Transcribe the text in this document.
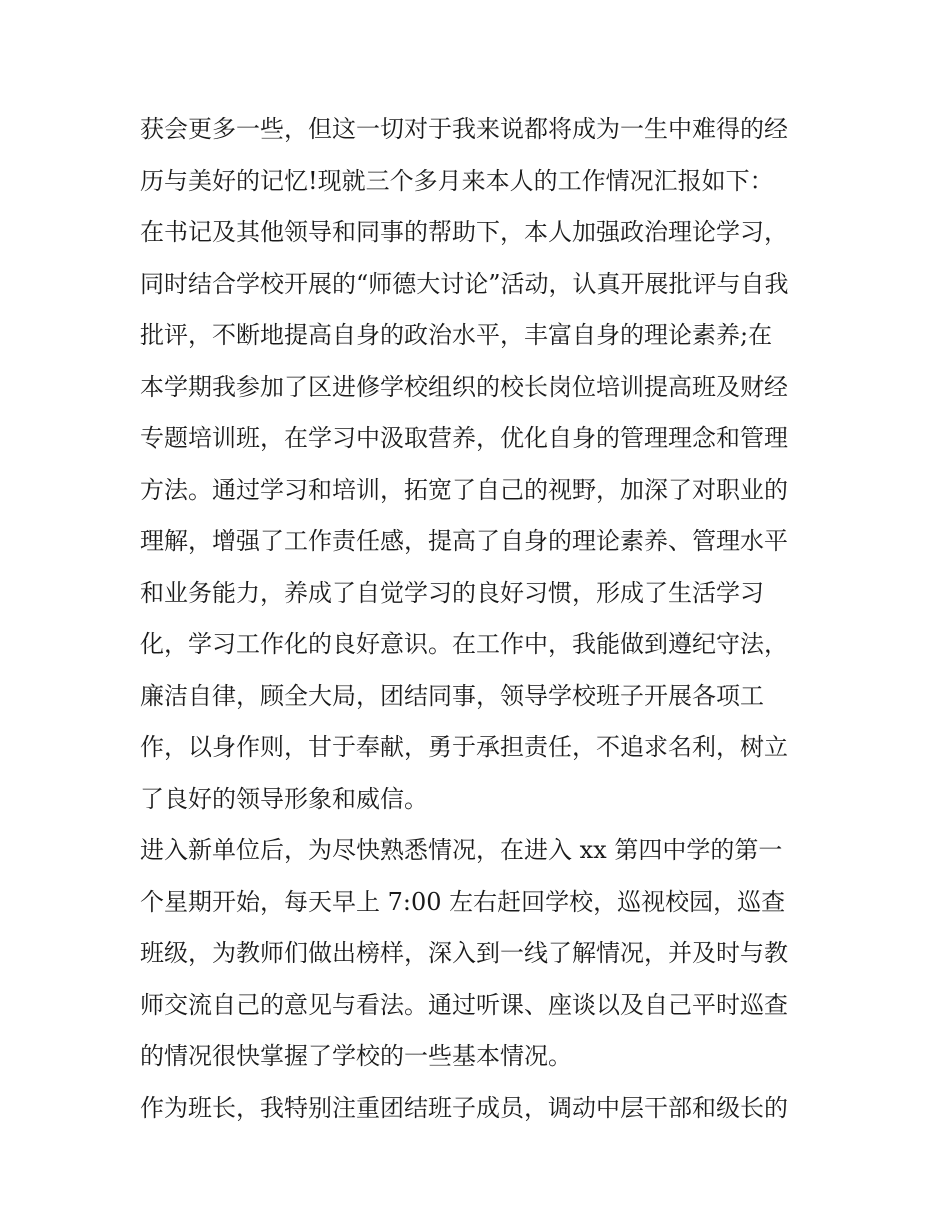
获会更多一些，但这一切对于我来说都将成为一生中难得的经
历与美好的记忆!现就三个多月来本人的工作情况汇报如下：
在书记及其他领导和同事的帮助下，本人加强政治理论学习，
同时结合学校开展的“师德大讨论”活动，认真开展批评与自我
批评，不断地提高自身的政治水平，丰富自身的理论素养;在
本学期我参加了区进修学校组织的校长岗位培训提高班及财经
专题培训班，在学习中汲取营养，优化自身的管理理念和管理
方法。通过学习和培训，拓宽了自己的视野，加深了对职业的
理解，增强了工作责任感，提高了自身的理论素养、管理水平
和业务能力，养成了自觉学习的良好习惯，形成了生活学习
化，学习工作化的良好意识。在工作中，我能做到遵纪守法，
廉洁自律，顾全大局，团结同事，领导学校班子开展各项工
作，以身作则，甘于奉献，勇于承担责任，不追求名利，树立
了良好的领导形象和威信。
进入新单位后，为尽快熟悉情况，在进入 xx 第四中学的第一
个星期开始，每天早上 7:00 左右赶回学校，巡视校园，巡查
班级，为教师们做出榜样，深入到一线了解情况，并及时与教
师交流自己的意见与看法。通过听课、座谈以及自己平时巡查
的情况很快掌握了学校的一些基本情况。
作为班长，我特别注重团结班子成员，调动中层干部和级长的
